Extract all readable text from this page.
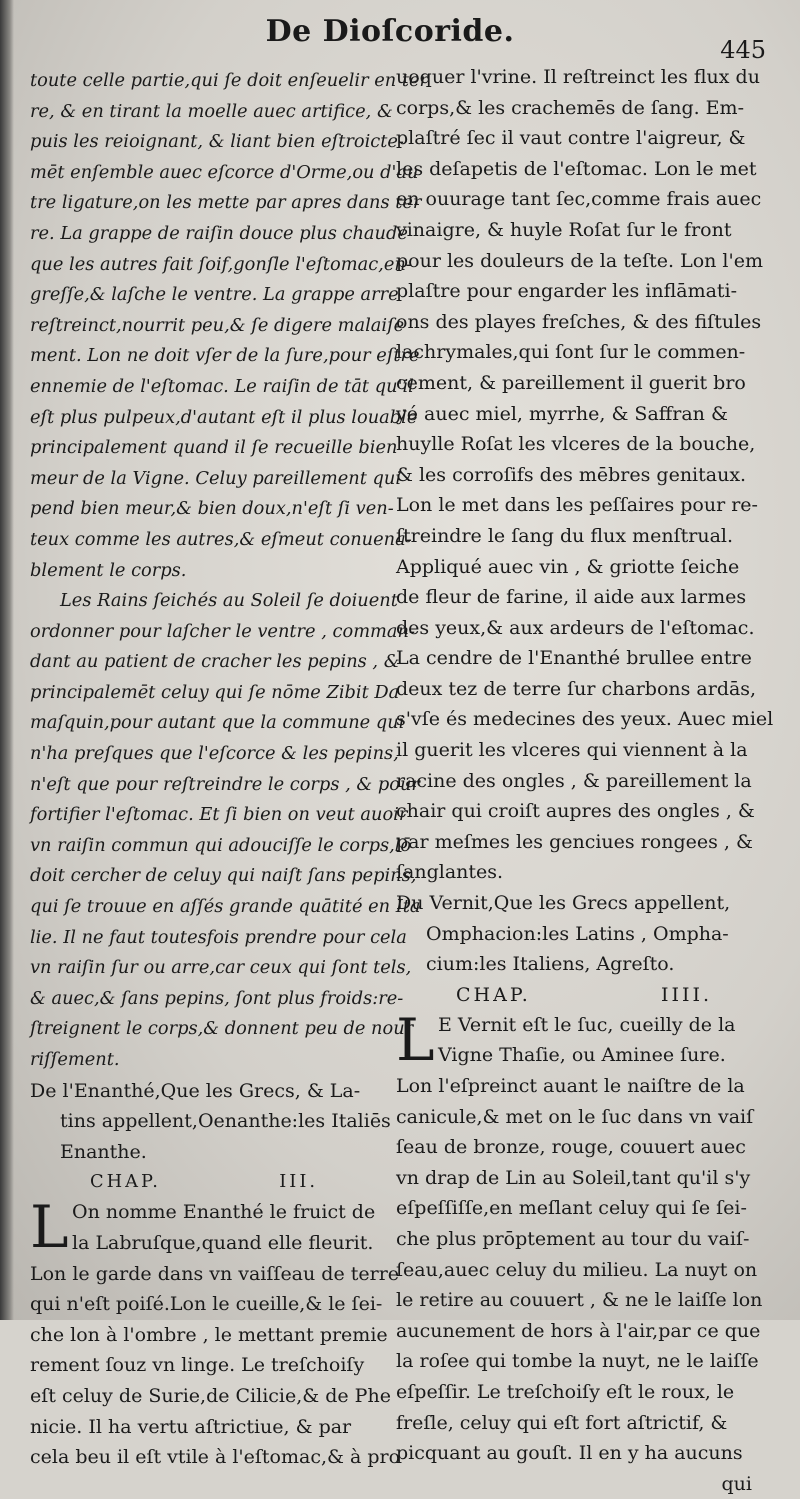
De Dioſcoride.
445
toute celle partie,qui ſe doit enſeuelir en ter
re, & en tirant la moelle auec artifice, &
puis les reioignant, & liant bien eſtroicte-
mēt enſemble auec eſcorce d'Orme,ou d'au
tre ligature,on les mette par apres dans ter
re. La grappe de raiſin douce plus chaude
que les autres fait ſoif,gonſle l'eſtomac,en-
greſſe,& laſche le ventre. La grappe arre
reſtreinct,nourrit peu,& ſe digere malaiſe
ment. Lon ne doit vſer de la ſure,pour eſtre
ennemie de l'eſtomac. Le raiſin de tāt qu'il
eſt plus pulpeux,d'autant eſt il plus louable
principalement quand il ſe recueille bien
meur de la Vigne. Celuy pareillement qui
pend bien meur,& bien doux,n'eſt ſi ven-
teux comme les autres,& eſmeut conuena-
blement le corps.
Les Rains ſeichés au Soleil ſe doiuent
ordonner pour laſcher le ventre , comman-
dant au patient de cracher les pepins , &
principalemēt celuy qui ſe nōme Zibit Da
maſquin,pour autant que la commune qui
n'ha preſques que l'eſcorce & les pepins,
n'eſt que pour reſtreindre le corps , & pour
fortifier l'eſtomac. Et ſi bien on veut auoir
vn raiſin commun qui adouciſſe le corps,lō
doit cercher de celuy qui naiſt ſans pepins,
qui ſe trouue en aſſés grande quātité en Ita
lie. Il ne faut toutesfois prendre pour cela
vn raiſin ſur ou arre,car ceux qui ſont tels,
& auec,& ſans pepins, ſont plus froids:re-
ſtreignent le corps,& donnent peu de nour
riſſement.
De l'Enanthé,Que les Grecs, & La-
tins appellent,Oenanthe:les Italiēs
Enanthe.
CHAP.	III.
L On nomme Enanthé le fruict de
la Labruſque,quand elle fleurit.
Lon le garde dans vn vaiſſeau de terre
qui n'eſt poiſé.Lon le cueille,& le ſei-
che lon à l'ombre , le mettant premie
rement ſouz vn linge. Le treſchoiſy
eſt celuy de Surie,de Cilicie,& de Phe
nicie. Il ha vertu aſtrictiue, & par
cela beu il eſt vtile à l'eſtomac,& à pro
uoquer l'vrine. Il reſtreinct les flux du
corps,& les crachemēs de ſang. Em-
plaſtré ſec il vaut contre l'aigreur, &
les deſapetis de l'eſtomac. Lon le met
en ouurage tant ſec,comme frais auec
vinaigre, & huyle Roſat ſur le front
pour les douleurs de la teſte. Lon l'em
plaſtre pour engarder les inflāmati-
ons des playes freſches, & des fiſtules
lachrymales,qui ſont ſur le commen-
cement, & pareillement il guerit bro
yé auec miel, myrrhe, & Saffran &
huylle Roſat les vlceres de la bouche,
& les corroſifs des mēbres genitaux.
Lon le met dans les peſſaires pour re-
ſtreindre le ſang du flux menſtrual.
Appliqué auec vin , & griotte ſeiche
de fleur de farine, il aide aux larmes
des yeux,& aux ardeurs de l'eſtomac.
La cendre de l'Enanthé brullee entre
deux tez de terre ſur charbons ardās,
s'vſe és medecines des yeux. Auec miel
il guerit les vlceres qui viennent à la
racine des ongles , & pareillement la
chair qui croiſt aupres des ongles , &
par meſmes les genciues rongees , &
ſanglantes.
Du Vernit,Que les Grecs appellent,
Omphacion:les Latins , Ompha-
cium:les Italiens, Agreſto.
CHAP.	IIII.
L E Vernit eſt le ſuc, cueilly de la
Vigne Thaſie, ou Aminee ſure.
Lon l'eſpreinct auant le naiſtre de la
canicule,& met on le ſuc dans vn vaiſ
ſeau de bronze, rouge, couuert auec
vn drap de Lin au Soleil,tant qu'il s'y
eſpeſſiſſe,en meſlant celuy qui ſe ſei-
che plus prōptement au tour du vaiſ-
ſeau,auec celuy du milieu. La nuyt on
le retire au couuert , & ne le laiſſe lon
aucunement de hors à l'air,par ce que
la roſee qui tombe la nuyt, ne le laiſſe
eſpeſſir. Le treſchoiſy eſt le roux, le
freſle, celuy qui eſt fort aſtrictif, &
picquant au gouſt. Il en y ha aucuns
qui
